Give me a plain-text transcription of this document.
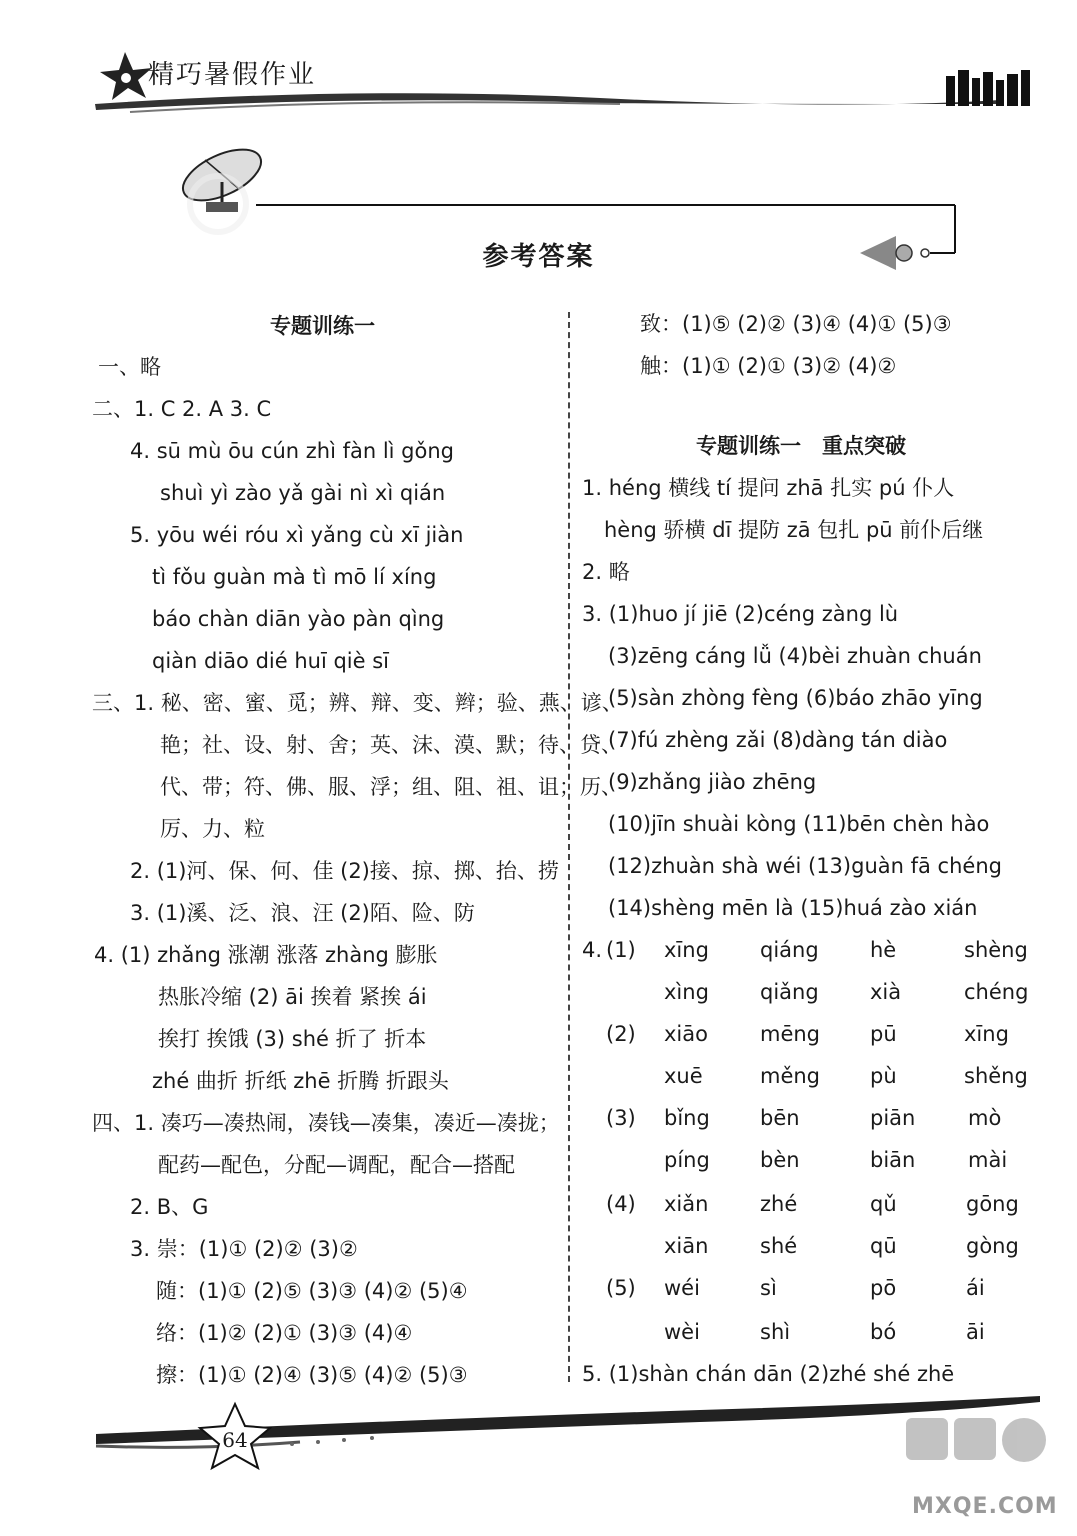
精巧暑假作业
参考答案
专题训练一
一、略
二、1. C 2. A 3. C
4. sū mù ōu cún zhì fàn lì gǒng
shuì yì zào yǎ gài nì xì qián
5. yōu wéi róu xì yǎng cù xī jiàn
tì fǒu guàn mà tì mō lí xíng
báo chàn diān yào pàn qìng
qiàn diāo dié huī qiè sī
三、1. 秘、密、蜜、觅；辨、辩、变、辫；验、燕、谚、
艳；社、设、射、舍；英、沫、漠、默；待、贷、
代、带；符、佛、服、浮；组、阻、祖、诅；历、
厉、力、粒
2. (1)河、保、何、佳 (2)接、掠、掷、抬、捞
3. (1)溪、泛、浪、汪 (2)陌、险、防
4. (1) zhǎng 涨潮 涨落 zhàng 膨胀
热胀冷缩 (2) āi 挨着 紧挨 ái
挨打 挨饿 (3) shé 折了 折本
zhé 曲折 折纸 zhē 折腾 折跟头
四、1. 凑巧—凑热闹，凑钱—凑集，凑近—凑拢；
配药—配色，分配—调配，配合—搭配
2. B、G
3. 崇：(1)① (2)② (3)②
随：(1)① (2)⑤ (3)③ (4)② (5)④
络：(1)② (2)① (3)③ (4)④
擦：(1)① (2)④ (3)⑤ (4)② (5)③
致：(1)⑤ (2)② (3)④ (4)① (5)③
触：(1)① (2)① (3)② (4)②
专题训练一　重点突破
1. héng 横线 tí 提问 zhā 扎实 pú 仆人
hèng 骄横 dī 提防 zā 包扎 pū 前仆后继
2. 略
3. (1)huo jí jiē (2)céng zàng lù
(3)zēng cáng lǚ (4)bèi zhuàn chuán
(5)sàn zhòng fèng (6)báo zhāo yīng
(7)fú zhèng zǎi (8)dàng tán diào
(9)zhǎng jiào zhēng
(10)jīn shuài kòng (11)bēn chèn hào
(12)zhuàn shà wéi (13)guàn fā chéng
(14)shèng mēn là (15)huá zào xián
4. (1) xīng qiáng hè	shèng
xìng qiǎng xià	chéng
(2) xiāo mēng pū	xīng
xuē	měng pù	shěng
(3) bǐng bēn	piān	mò
píng bèn	biān	mài
(4) xiǎn zhé	qǔ	gōng
xiān shé	qū	gòng
(5) wéi	sì	pō	ái
wèi	shì	bó	āi
5. (1)shàn chán dān (2)zhé shé zhē
64
MXQE.COM
